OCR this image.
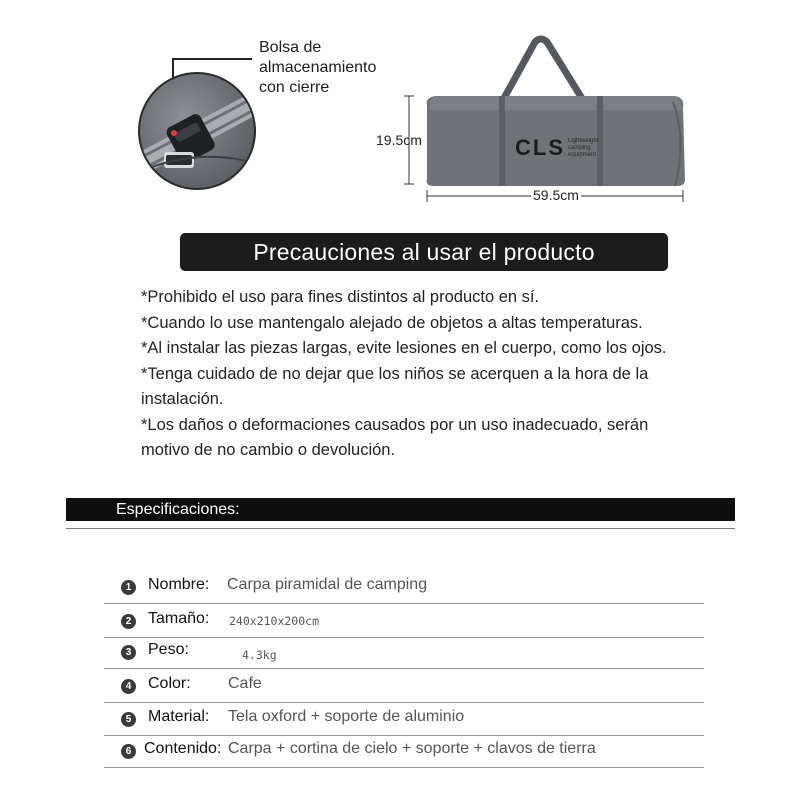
Bolsa de
almacenamiento
con cierre
CLS Lightweight
camping
equipment
19.5cm
59.5cm
Precauciones al usar el producto

*Prohibido el uso para fines distintos al producto en sí.

*Cuando lo use mantengalo alejado de objetos a altas temperaturas.

*Al instalar las piezas largas, evite lesiones en el cuerpo, como los ojos.

*Tenga cuidado de no dejar que los niños se acerquen a la hora de la instalación.

*Los daños o deformaciones causados por un uso inadecuado, serán motivo de no cambio o devolución.

Especificaciones:
1 Nombre: Carpa piramidal de camping
2 Tamaño: 240x210x200cm
3 Peso:	4.3kg
4 Color: Cafe
5 Material: Tela oxford + soporte de aluminio
6 Contenido: Carpa + cortina de cielo + soporte + clavos de tierra
